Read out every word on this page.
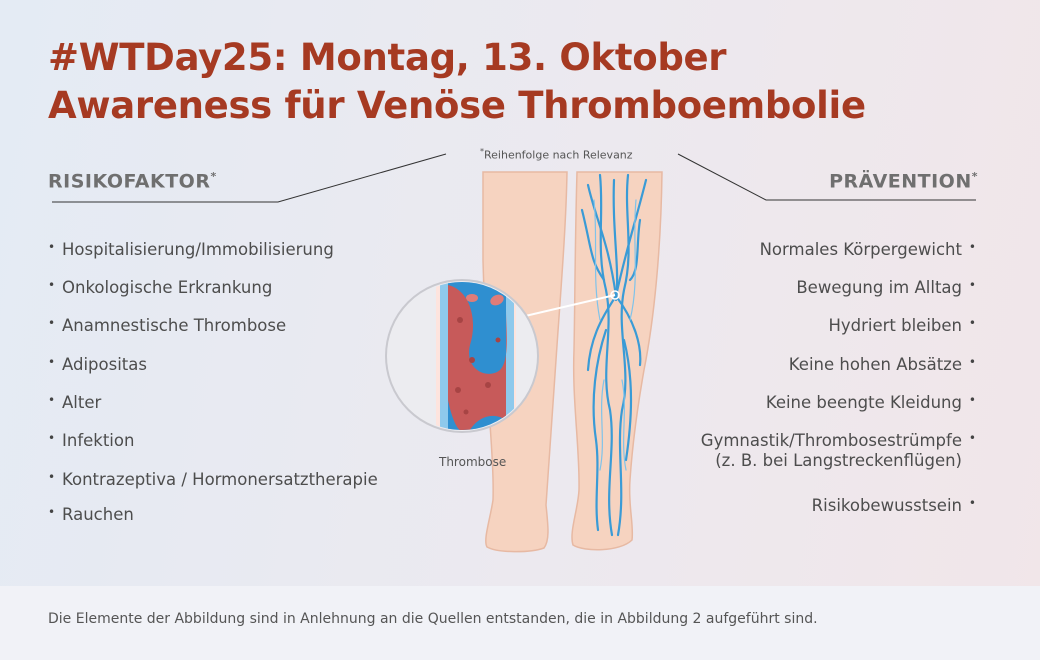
#WTDay25: Montag, 13. Oktober
Awareness für Venöse Thromboembolie
Die Elemente der Abbildung sind in Anlehnung an die Quellen entstanden, die in Abbildung 2 aufgeführt sind.
Thrombose
*Reihenfolge nach Relevanz
RISIKOFAKTOR*	PRÄVENTION*
• Hospitalisierung/Immobilisierung
• Onkologische Erkrankung
• Anamnestische Thrombose
• Adipositas
• Alter
• Infektion
• Kontrazeptiva / Hormonersatztherapie
• Rauchen
Normales Körpergewicht •
Bewegung im Alltag •
Hydriert bleiben •
Keine hohen Absätze •
Keine beengte Kleidung •
Gymnastik/Thrombosestrümpfe •
(z. B. bei Langstreckenflügen)
Risikobewusstsein •
